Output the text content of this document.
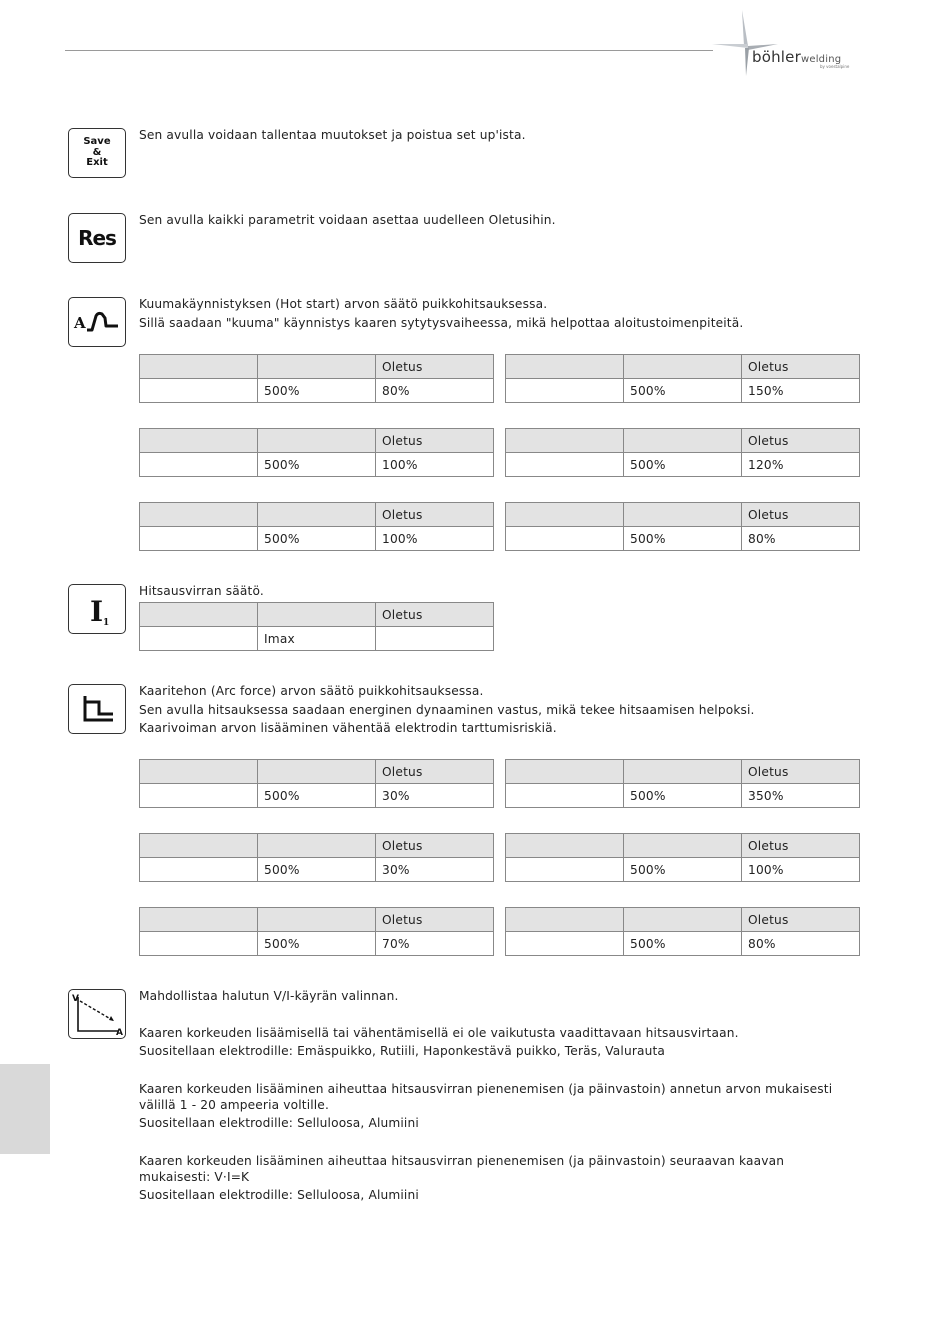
böhlerwelding
by voestalpine
Save
&
Exit
Sen avulla voidaan tallentaa muutokset ja poistua set up'ista.
Res
Sen avulla kaikki parametrit voidaan asettaa uudelleen Oletusihin.
A
Kuumakäynnistyksen (Hot start) arvon säätö puikkohitsauksessa.
Sillä saadaan "kuuma" käynnistys kaaren sytytysvaiheessa, mikä helpottaa aloitustoimenpiteitä.
		Oletus
	500%	80%
		Oletus
	500%	150%
		Oletus
	500%	100%
		Oletus
	500%	120%
		Oletus
	500%	100%
		Oletus
	500%	80%
I 1
Hitsausvirran säätö.
		Oletus
	Imax	
Kaaritehon (Arc force) arvon säätö puikkohitsauksessa.
Sen avulla hitsauksessa saadaan energinen dynaaminen vastus, mikä tekee hitsaamisen helpoksi.
Kaarivoiman arvon lisääminen vähentää elektrodin tarttumisriskiä.
		Oletus
	500%	30%
		Oletus
	500%	350%
		Oletus
	500%	30%
		Oletus
	500%	100%
		Oletus
	500%	70%
		Oletus
	500%	80%
V
A
Mahdollistaa halutun V/I-käyrän valinnan.
Kaaren korkeuden lisäämisellä tai vähentämisellä ei ole vaikutusta vaadittavaan hitsausvirtaan.
Suositellaan elektrodille: Emäspuikko, Rutiili, Haponkestävä puikko, Teräs, Valurauta
Kaaren korkeuden lisääminen aiheuttaa hitsausvirran pienenemisen (ja päinvastoin) annetun arvon mukaisesti välillä 1 - 20 ampeeria voltille.
Suositellaan elektrodille: Selluloosa, Alumiini
Kaaren korkeuden lisääminen aiheuttaa hitsausvirran pienenemisen (ja päinvastoin) seuraavan kaavan mukaisesti: V·I=K
Suositellaan elektrodille: Selluloosa, Alumiini
